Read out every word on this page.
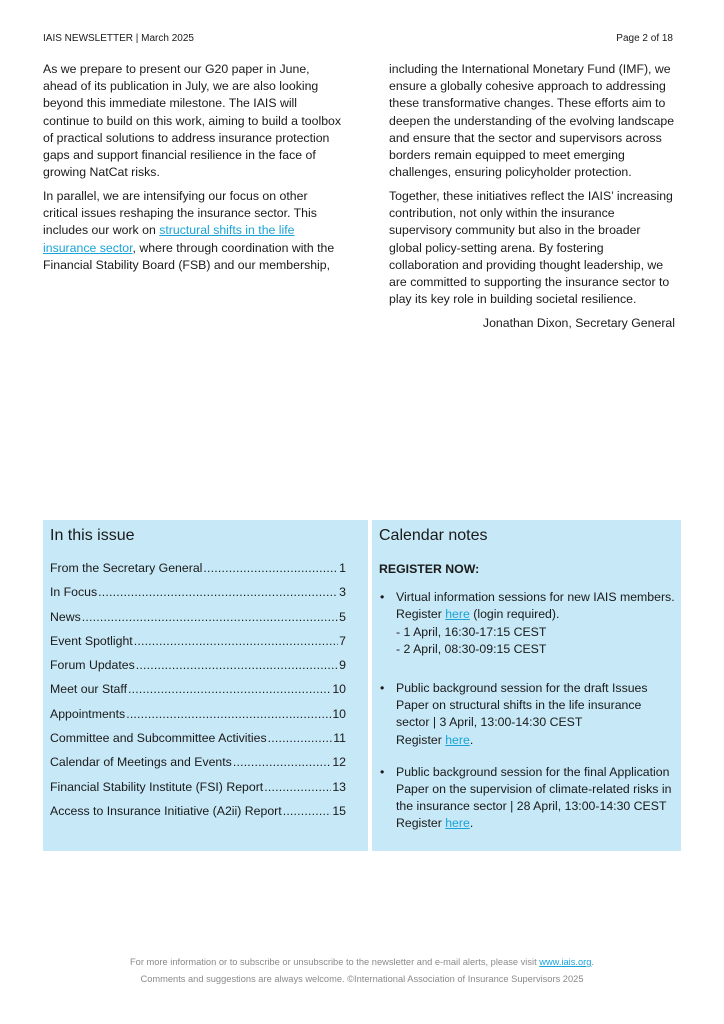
IAIS NEWSLETTER | March 2025	Page 2 of 18

As we prepare to present our G20 paper in June, ahead of its publication in July, we are also looking beyond this immediate milestone. The IAIS will continue to build on this work, aiming to build a toolbox of practical solutions to address insurance protection gaps and support financial resilience in the face of growing NatCat risks.

In parallel, we are intensifying our focus on other critical issues reshaping the insurance sector. This includes our work on structural shifts in the life insurance sector, where through coordination with the Financial Stability Board (FSB) and our membership,

including the International Monetary Fund (IMF), we ensure a globally cohesive approach to addressing these transformative changes. These efforts aim to deepen the understanding of the evolving landscape and ensure that the sector and supervisors across borders remain equipped to meet emerging challenges, ensuring policyholder protection.

Together, these initiatives reflect the IAIS’ increasing contribution, not only within the insurance supervisory community but also in the broader global policy-setting arena. By fostering collaboration and providing thought leadership, we are committed to supporting the insurance sector to play its key role in building societal resilience.

Jonathan Dixon, Secretary General

In this issue
From the Secretary General .....	1
In Focus .....	3
News .....	5
Event Spotlight .....	7
Forum Updates .....	9
Meet our Staff .....	10
Appointments .....	10
Committee and Subcommittee Activities .....	11
Calendar of Meetings and Events .....	12
Financial Stability Institute (FSI) Report .....	13
Access to Insurance Initiative (A2ii) Report .....	15
Calendar notes
REGISTER NOW:
• Virtual information sessions for new IAIS members.
Register here (login required).
- 1 April, 16:30-17:15 CEST
- 2 April, 08:30-09:15 CEST
• Public background session for the draft Issues Paper on structural shifts in the life insurance sector | 3 April, 13:00-14:30 CEST
Register here.
• Public background session for the final Application Paper on the supervision of climate-related risks in the insurance sector | 28 April, 13:00-14:30 CEST
Register here.
For more information or to subscribe or unsubscribe to the newsletter and e-mail alerts, please visit www.iais.org.
Comments and suggestions are always welcome. ©International Association of Insurance Supervisors 2025
